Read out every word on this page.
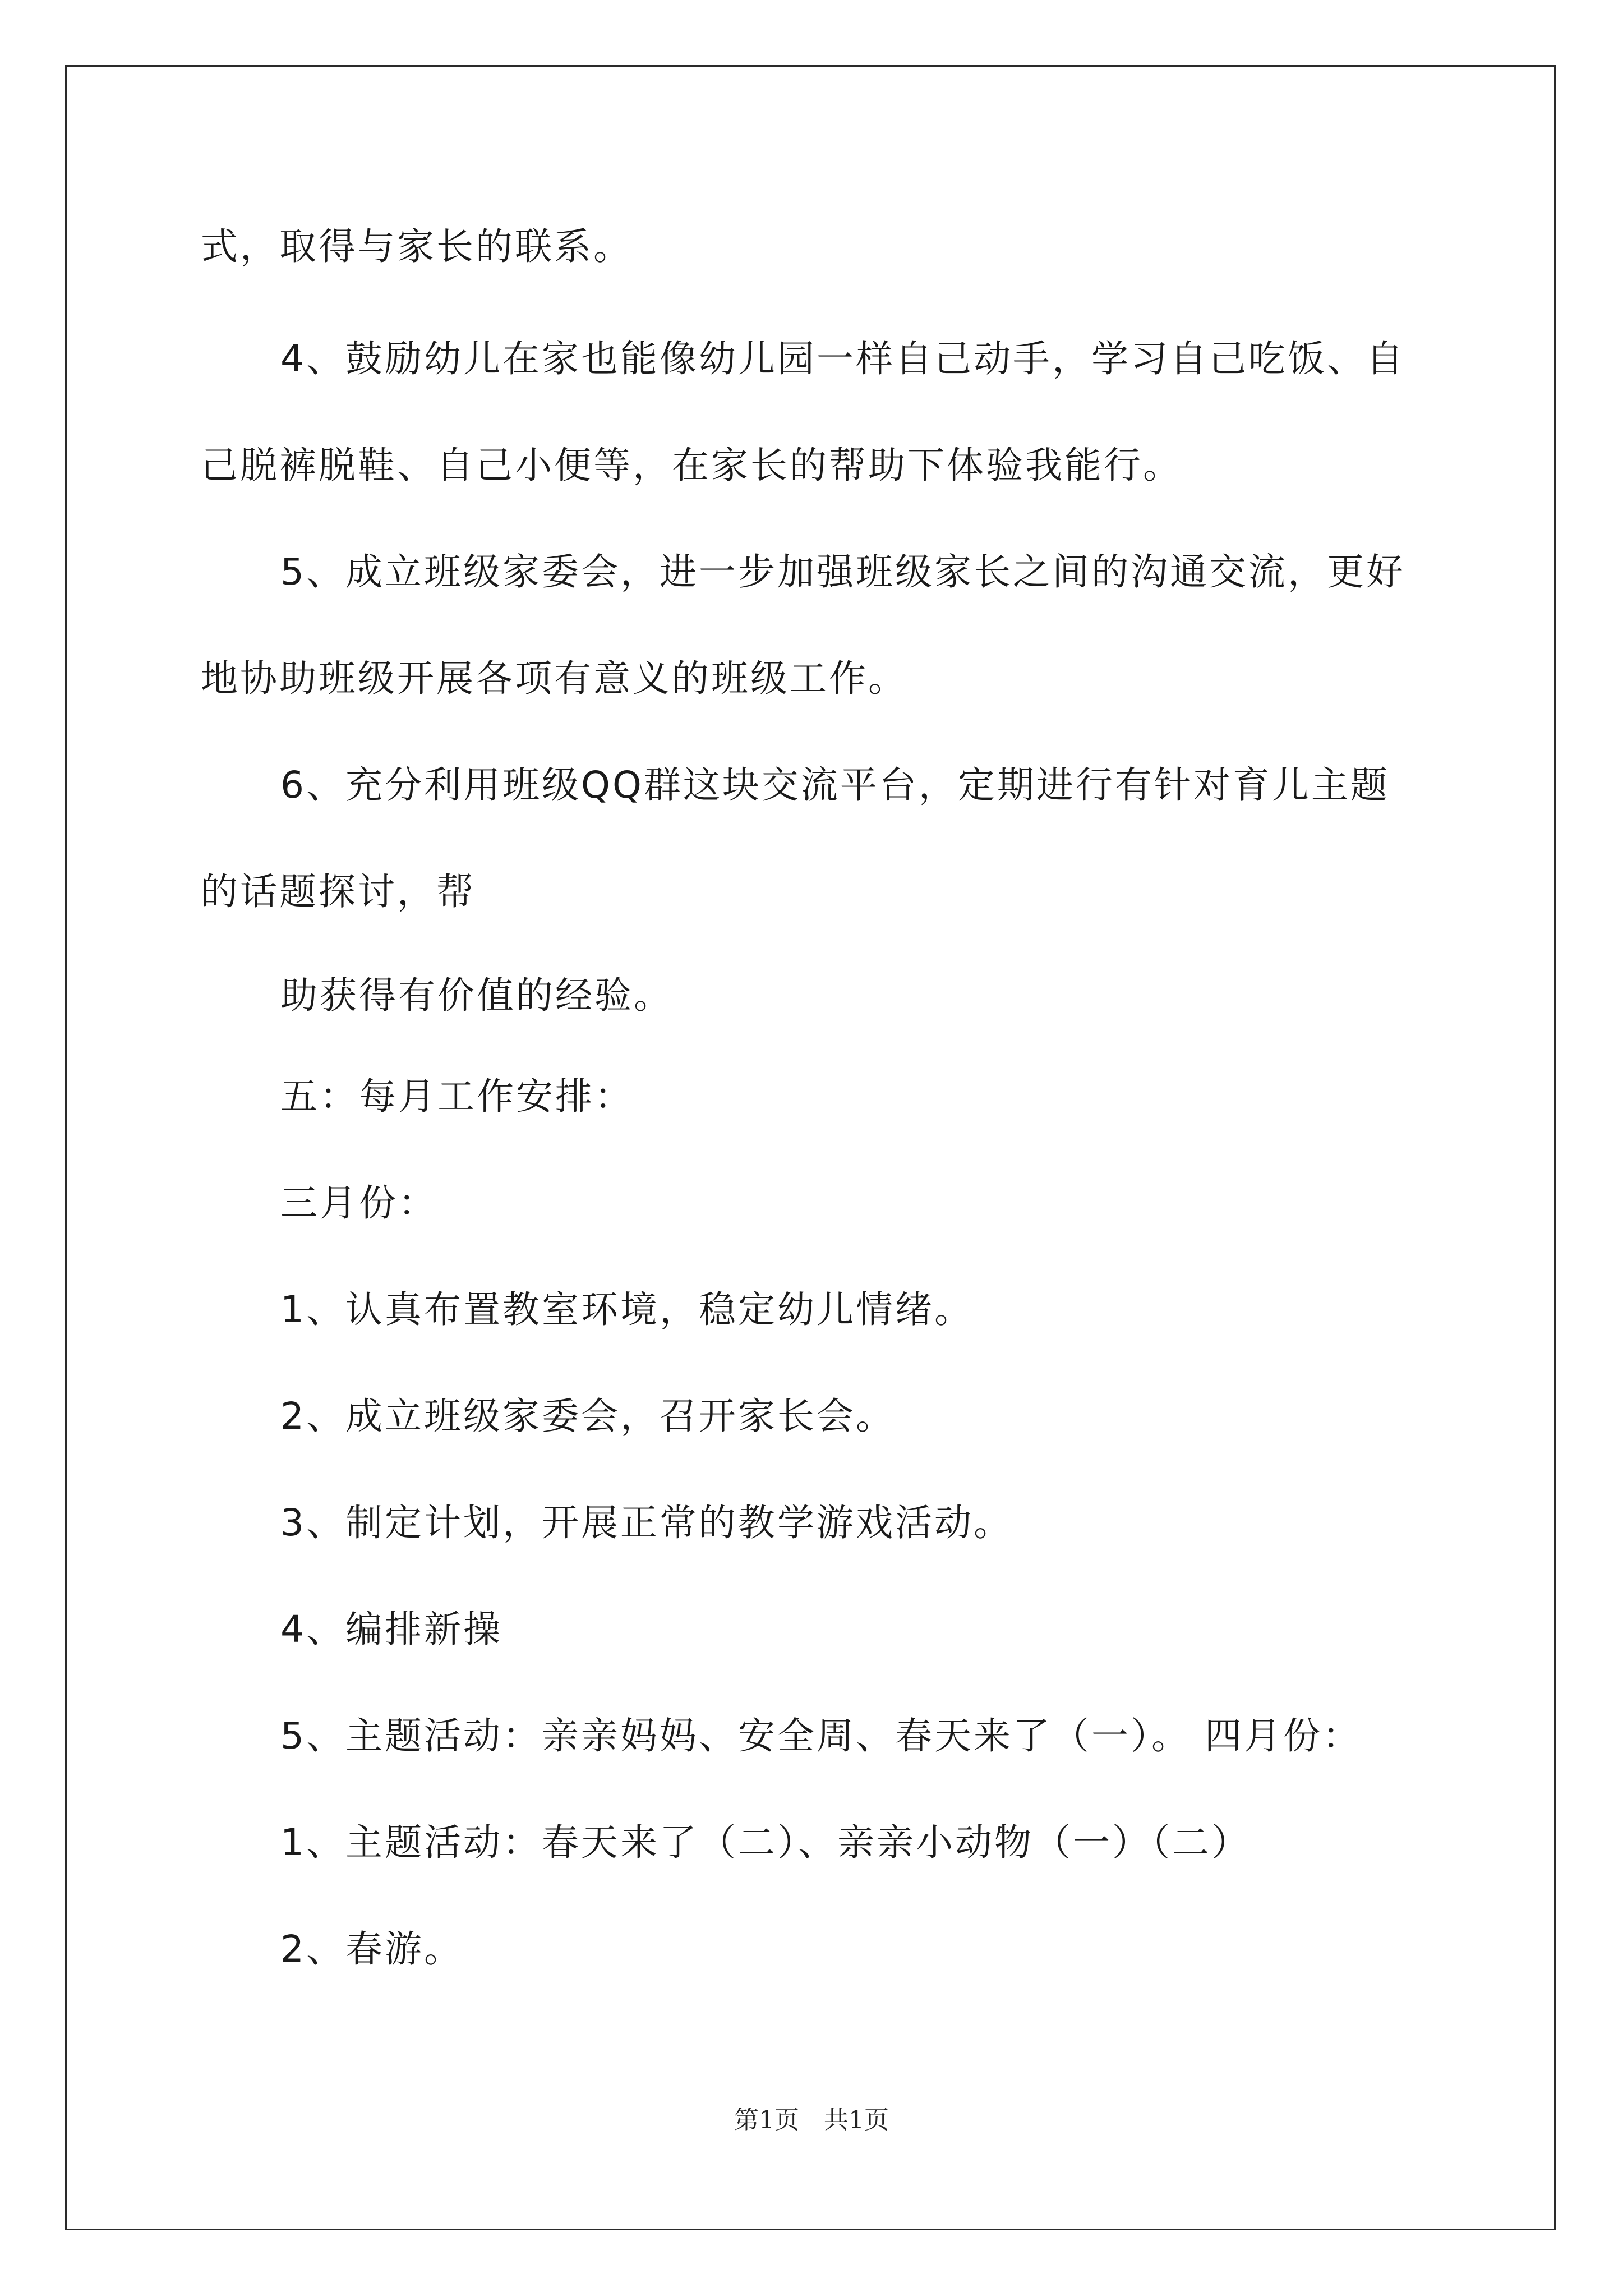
式，取得与家长的联系。
4、鼓励幼儿在家也能像幼儿园一样自己动手，学习自己吃饭、自
己脱裤脱鞋、自己小便等，在家长的帮助下体验我能行。
5、成立班级家委会，进一步加强班级家长之间的沟通交流，更好
地协助班级开展各项有意义的班级工作。
6、充分利用班级QQ群这块交流平台，定期进行有针对育儿主题
的话题探讨，帮
助获得有价值的经验。
五：每月工作安排：
三月份：
1、认真布置教室环境，稳定幼儿情绪。
2、成立班级家委会，召开家长会。
3、制定计划，开展正常的教学游戏活动。
4、编排新操
5、主题活动：亲亲妈妈、安全周、春天来了（一）。 四月份：
1、主题活动：春天来了（二）、亲亲小动物（一）（二）
2、春游。
第1页　共1页
